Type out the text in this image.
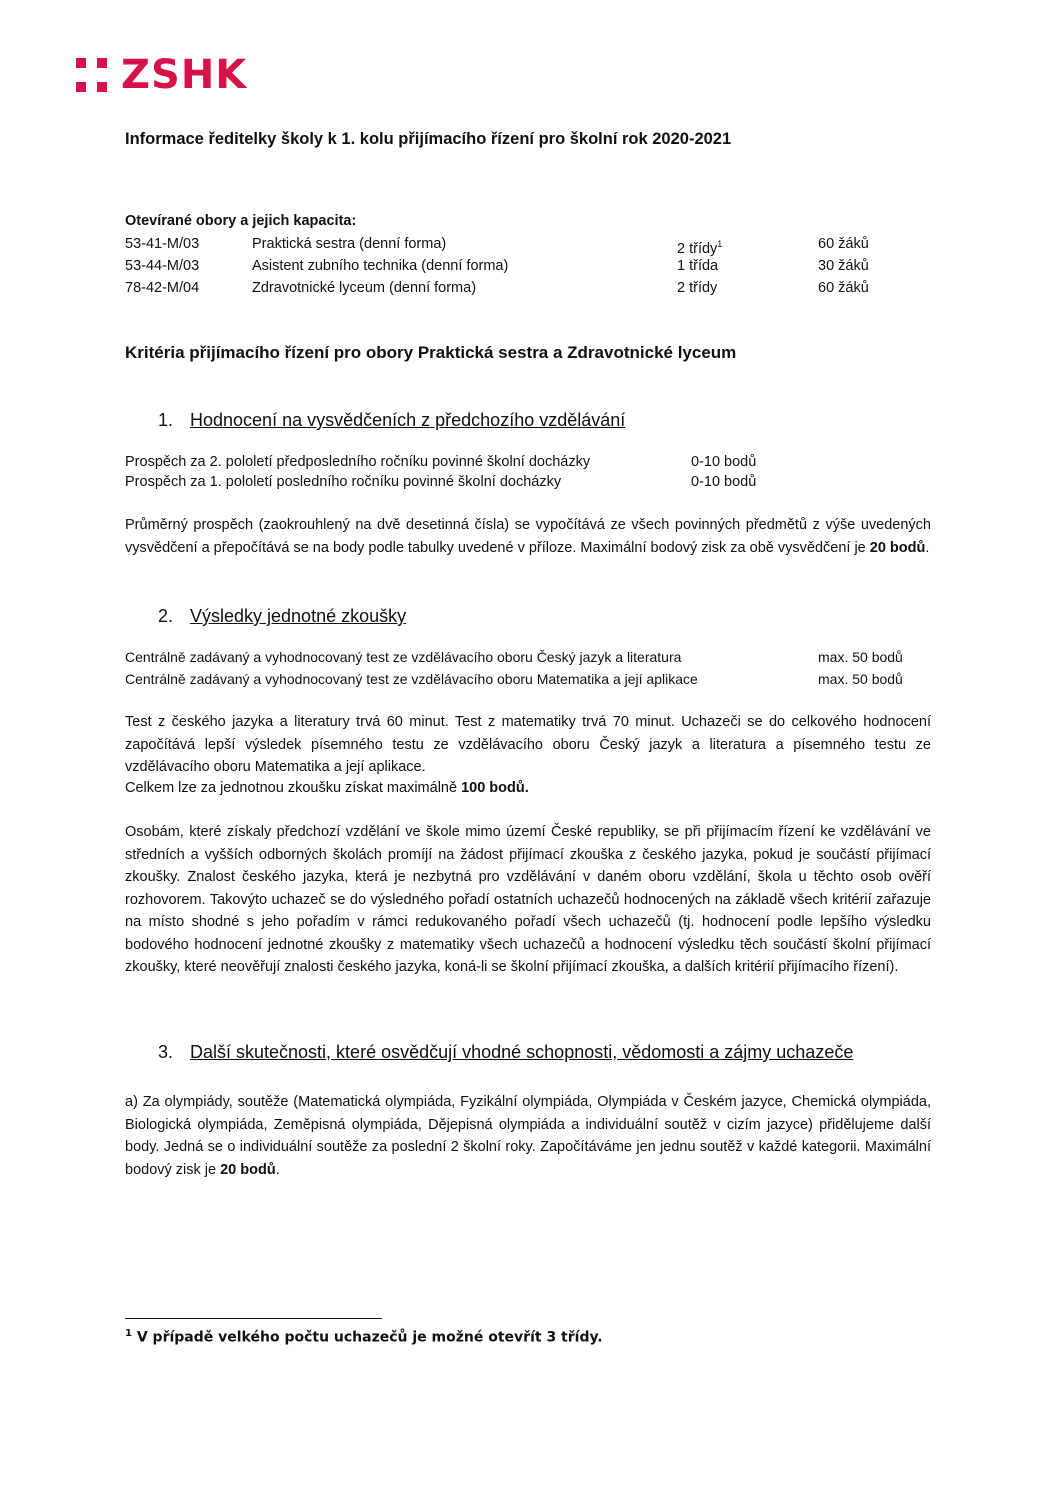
ZSHK
Informace ředitelky školy k 1. kolu přijímacího řízení pro školní rok 2020-2021
Otevírané obory a jejich kapacita:
53-41-M/03	Praktická sestra (denní forma)	2 třídy$^1$	60 žáků
53-44-M/03	Asistent zubního technika (denní forma)	1 třída	30 žáků
78-42-M/04	Zdravotnické lyceum (denní forma)	2 třídy	60 žáků
Kritéria přijímacího řízení pro obory Praktická sestra a Zdravotnické lyceum
1. Hodnocení na vysvědčeních z předchozího vzdělávání
Prospěch za 2. pololetí předposledního ročníku povinné školní docházky	0-10 bodů
Prospěch za 1. pololetí posledního ročníku povinné školní docházky	0-10 bodů
Průměrný prospěch (zaokrouhlený na dvě desetinná čísla) se vypočítává ze všech povinných předmětů z výše uvedených vysvědčení a přepočítává se na body podle tabulky uvedené v příloze. Maximální bodový zisk za obě vysvědčení je 20 bodů.
2. Výsledky jednotné zkoušky
Centrálně zadávaný a vyhodnocovaný test ze vzdělávacího oboru Český jazyk a literatura	max. 50 bodů
Centrálně zadávaný a vyhodnocovaný test ze vzdělávacího oboru Matematika a její aplikace	max. 50 bodů
Test z českého jazyka a literatury trvá 60 minut. Test z matematiky trvá 70 minut. Uchazeči se do celkového hodnocení započítává lepší výsledek písemného testu ze vzdělávacího oboru Český jazyk a literatura a písemného testu ze vzdělávacího oboru Matematika a její aplikace.
Celkem lze za jednotnou zkoušku získat maximálně 100 bodů.
Osobám, které získaly předchozí vzdělání ve škole mimo území České republiky, se při přijímacím řízení ke vzdělávání ve středních a vyšších odborných školách promíjí na žádost přijímací zkouška z českého jazyka, pokud je součástí přijímací zkoušky. Znalost českého jazyka, která je nezbytná pro vzdělávání v daném oboru vzdělání, škola u těchto osob ověří rozhovorem. Takovýto uchazeč se do výsledného pořadí ostatních uchazečů hodnocených na základě všech kritérií zařazuje na místo shodné s jeho pořadím v rámci redukovaného pořadí všech uchazečů (tj. hodnocení podle lepšího výsledku bodového hodnocení jednotné zkoušky z matematiky všech uchazečů a hodnocení výsledku těch součástí školní přijímací zkoušky, které neověřují znalosti českého jazyka, koná-li se školní přijímací zkouška, a dalších kritérií přijímacího řízení).
3. Další skutečnosti, které osvědčují vhodné schopnosti, vědomosti a zájmy uchazeče
a) Za olympiády, soutěže (Matematická olympiáda, Fyzikální olympiáda, Olympiáda v Českém jazyce, Chemická olympiáda, Biologická olympiáda, Zeměpisná olympiáda, Dějepisná olympiáda a individuální soutěž v cizím jazyce) přidělujeme další body. Jedná se o individuální soutěže za poslední 2 školní roky. Započítáváme jen jednu soutěž v každé kategorii. Maximální bodový zisk je 20 bodů.
$^1$ V případě velkého počtu uchazečů je možné otevřít 3 třídy.
